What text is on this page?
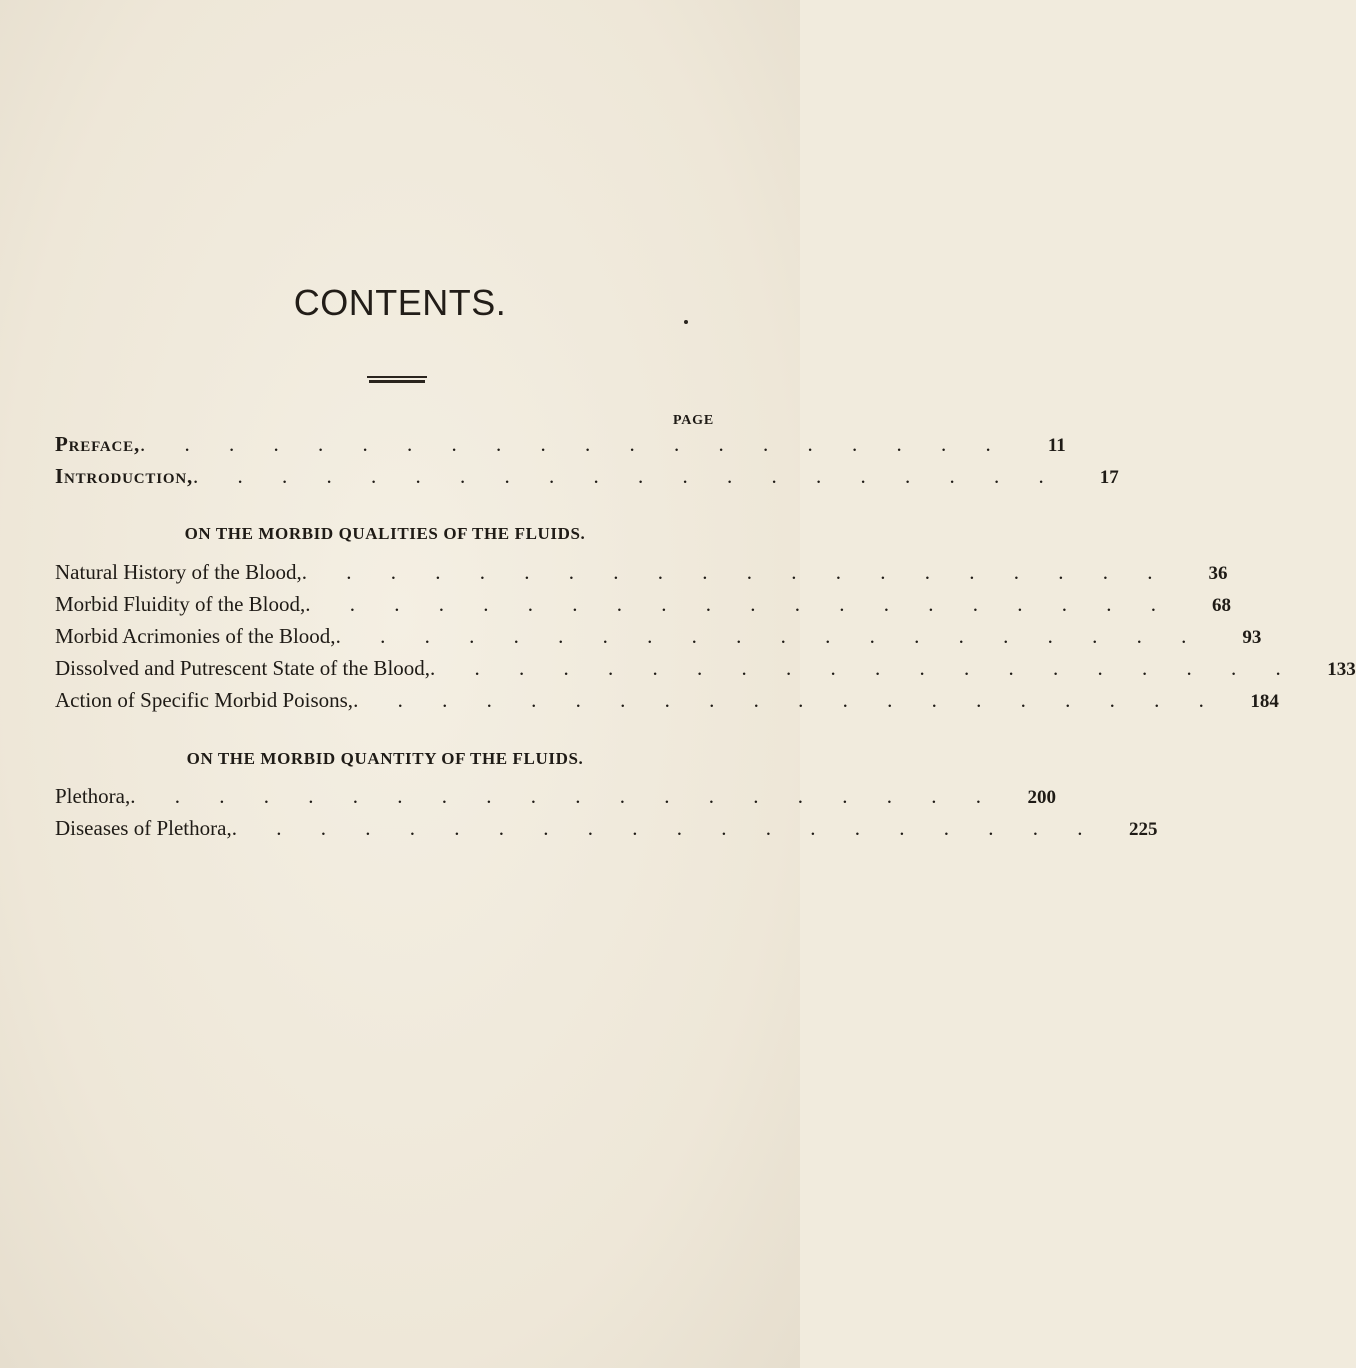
CONTENTS.
PAGE
Preface, . . . . . . . . . . . . . . . . . . . .	11
Introduction, . . . . . . . . . . . . . . . . . . . .	17
ON THE MORBID QUALITIES OF THE FLUIDS.
Natural History of the Blood, . . . . . . . . . . . . . . . . . . . .	36
Morbid Fluidity of the Blood, . . . . . . . . . . . . . . . . . . . .	68
Morbid Acrimonies of the Blood, . . . . . . . . . . . . . . . . . . . .	93
Dissolved and Putrescent State of the Blood, . . . . . . . . . . . . . . . . . . . .	133
Action of Specific Morbid Poisons, . . . . . . . . . . . . . . . . . . . .	184
ON THE MORBID QUANTITY OF THE FLUIDS.
Plethora, . . . . . . . . . . . . . . . . . . . .	200
Diseases of Plethora, . . . . . . . . . . . . . . . . . . . .	225
